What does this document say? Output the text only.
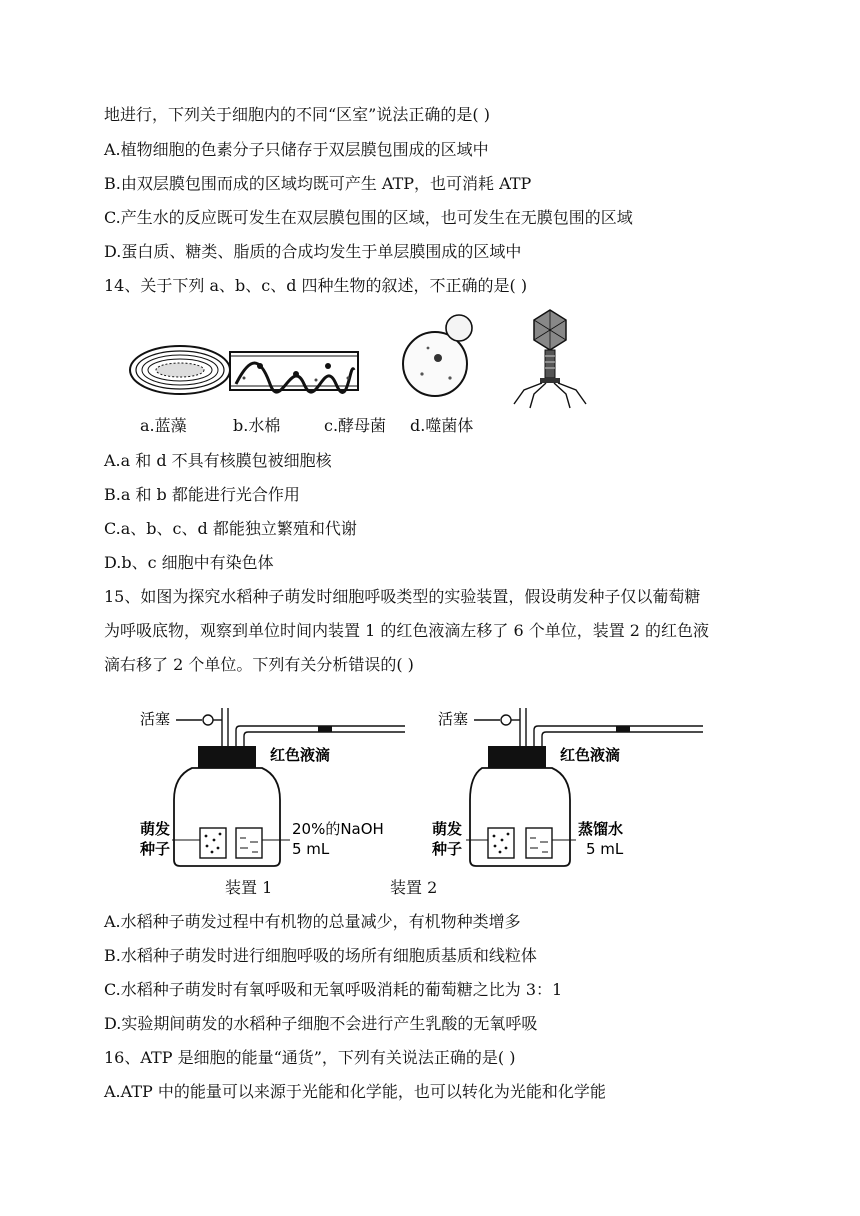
地进行，下列关于细胞内的不同“区室”说法正确的是( )
A.植物细胞的色素分子只储存于双层膜包围成的区域中
B.由双层膜包围而成的区域均既可产生 ATP，也可消耗 ATP
C.产生水的反应既可发生在双层膜包围的区域，也可发生在无膜包围的区域
D.蛋白质、糖类、脂质的合成均发生于单层膜围成的区域中
14、关于下列 a、b、c、d 四种生物的叙述，不正确的是( )
a.蓝藻	b.水棉	c.酵母菌 d.噬菌体
A.a 和 d 不具有核膜包被细胞核
B.a 和 b 都能进行光合作用
C.a、b、c、d 都能独立繁殖和代谢
D.b、c 细胞中有染色体
15、如图为探究水稻种子萌发时细胞呼吸类型的实验装置，假设萌发种子仅以葡萄糖
为呼吸底物，观察到单位时间内装置 1 的红色液滴左移了 6 个单位，装置 2 的红色液
滴右移了 2 个单位。下列有关分析错误的( )
活塞
红色液滴
萌发
种子
20%的NaOH
5 mL
活塞
红色液滴
萌发
种子
蒸馏水
5 mL
装置 1	装置 2
A.水稻种子萌发过程中有机物的总量减少，有机物种类增多
B.水稻种子萌发时进行细胞呼吸的场所有细胞质基质和线粒体
C.水稻种子萌发时有氧呼吸和无氧呼吸消耗的葡萄糖之比为 3：1
D.实验期间萌发的水稻种子细胞不会进行产生乳酸的无氧呼吸
16、ATP 是细胞的能量“通货”，下列有关说法正确的是( )
A.ATP 中的能量可以来源于光能和化学能，也可以转化为光能和化学能
